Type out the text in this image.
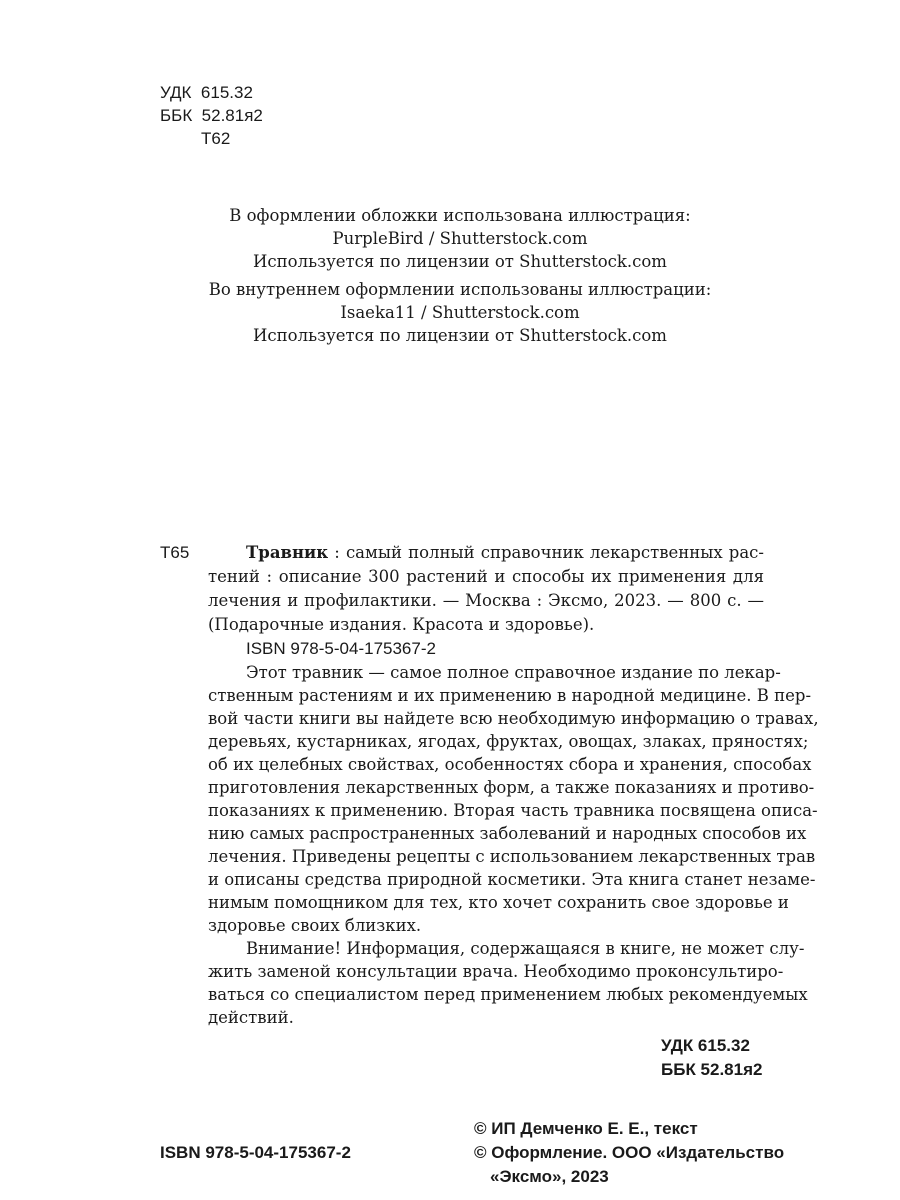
УДК 615.32
ББК 52.81я2
Т62
В оформлении обложки использована иллюстрация:
PurpleBird / Shutterstock.com
Используется по лицензии от Shutterstock.com
Во внутреннем оформлении использованы иллюстрации:
Isaeka11 / Shutterstock.com
Используется по лицензии от Shutterstock.com
Т65	Травник : самый полный справочник лекарственных рас-
тений : описание 300 растений и способы их применения для
лечения и профилактики. — Москва : Эксмо, 2023. — 800 с. —
(Подарочные издания. Красота и здоровье).
ISBN 978-5-04-175367-2
Этот травник — самое полное справочное издание по лекар-
ственным растениям и их применению в народной медицине. В пер-
вой части книги вы найдете всю необходимую информацию о травах,
деревьях, кустарниках, ягодах, фруктах, овощах, злаках, пряностях;
об их целебных свойствах, особенностях сбора и хранения, способах
приготовления лекарственных форм, а также показаниях и противо-
показаниях к применению. Вторая часть травника посвящена описа-
нию самых распространенных заболеваний и народных способов их
лечения. Приведены рецепты с использованием лекарственных трав
и описаны средства природной косметики. Эта книга станет незаме-
нимым помощником для тех, кто хочет сохранить свое здоровье и
здоровье своих близких.
Внимание! Информация, содержащаяся в книге, не может слу-
жить заменой консультации врача. Необходимо проконсультиро-
ваться со специалистом перед применением любых рекомендуемых
действий.
УДК 615.32
ББК 52.81я2
© ИП Демченко Е. Е., текст
© Оформление. ООО «Издательство
«Эксмо», 2023
ISBN 978-5-04-175367-2
